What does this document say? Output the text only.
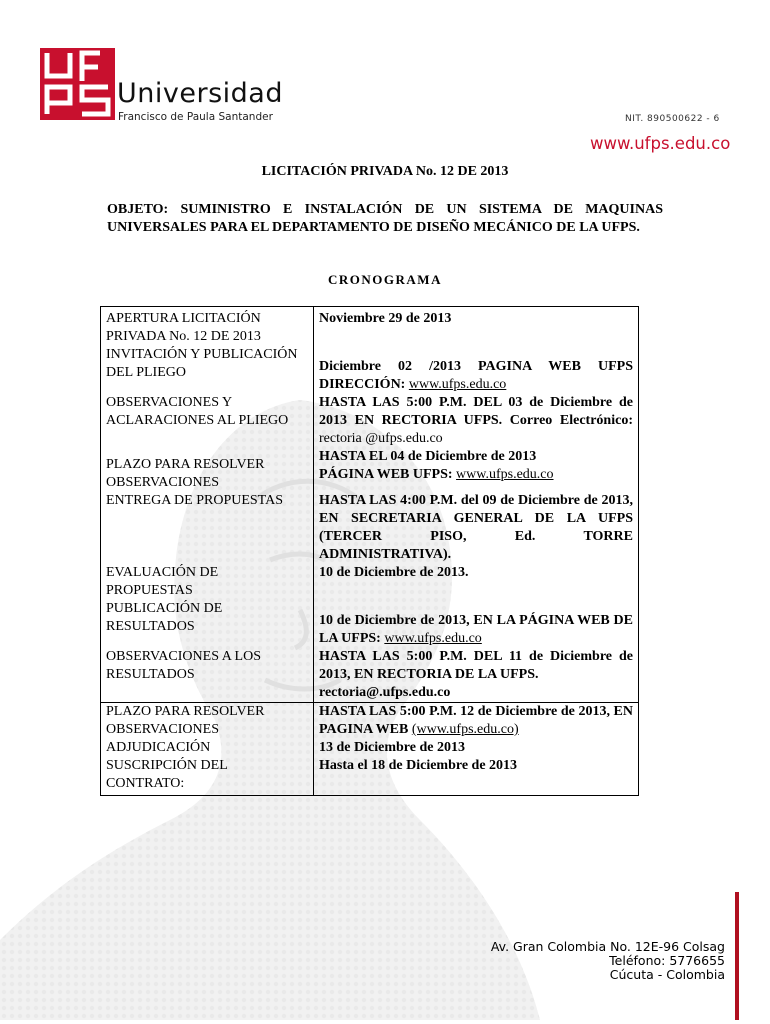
Universidad
Francisco de Paula Santander	NIT. 890500622 - 6
www.ufps.edu.co
LICITACIÓN PRIVADA No. 12 DE 2013
OBJETO: SUMINISTRO E INSTALACIÓN DE UN SISTEMA DE MAQUINAS UNIVERSALES PARA EL DEPARTAMENTO DE DISEÑO MECÁNICO DE LA UFPS.
CRONOGRAMA
APERTURA LICITACIÓN PRIVADA No. 12 DE 2013	Noviembre 29 de 2013
INVITACIÓN Y PUBLICACIÓN DEL PLIEGO	Diciembre 02 /2013 PAGINA WEB UFPS DIRECCIÓN: www.ufps.edu.co
OBSERVACIONES Y ACLARACIONES AL PLIEGO	HASTA LAS 5:00 P.M. DEL 03 de Diciembre de 2013 EN RECTORIA UFPS. Correo Electrónico: rectoria @ufps.edu.co

PLAZO PARA RESOLVER OBSERVACIONES	HASTA EL 04 de Diciembre de 2013
PÁGINA WEB UFPS: www.ufps.edu.co
ENTREGA DE PROPUESTAS	HASTA LAS 4:00 P.M. del 09 de Diciembre de 2013, EN SECRETARIA GENERAL DE LA UFPS (TERCER PISO, Ed. TORRE ADMINISTRATIVA).
EVALUACIÓN DE PROPUESTAS	10 de Diciembre de 2013.
PUBLICACIÓN DE RESULTADOS	10 de Diciembre de 2013, EN LA PÁGINA WEB DE LA UFPS: www.ufps.edu.co
OBSERVACIONES A LOS RESULTADOS	HASTA LAS 5:00 P.M. DEL 11 de Diciembre de 2013, EN RECTORIA DE LA UFPS.
rectoria@.ufps.edu.co
PLAZO PARA RESOLVER OBSERVACIONES	HASTA LAS 5:00 P.M. 12 de Diciembre de 2013, EN PAGINA WEB (www.ufps.edu.co)
ADJUDICACIÓN	13 de Diciembre de 2013
SUSCRIPCIÓN DEL CONTRATO:	Hasta el 18 de Diciembre de 2013
Av. Gran Colombia No. 12E-96 Colsag
Teléfono: 5776655
Cúcuta - Colombia
